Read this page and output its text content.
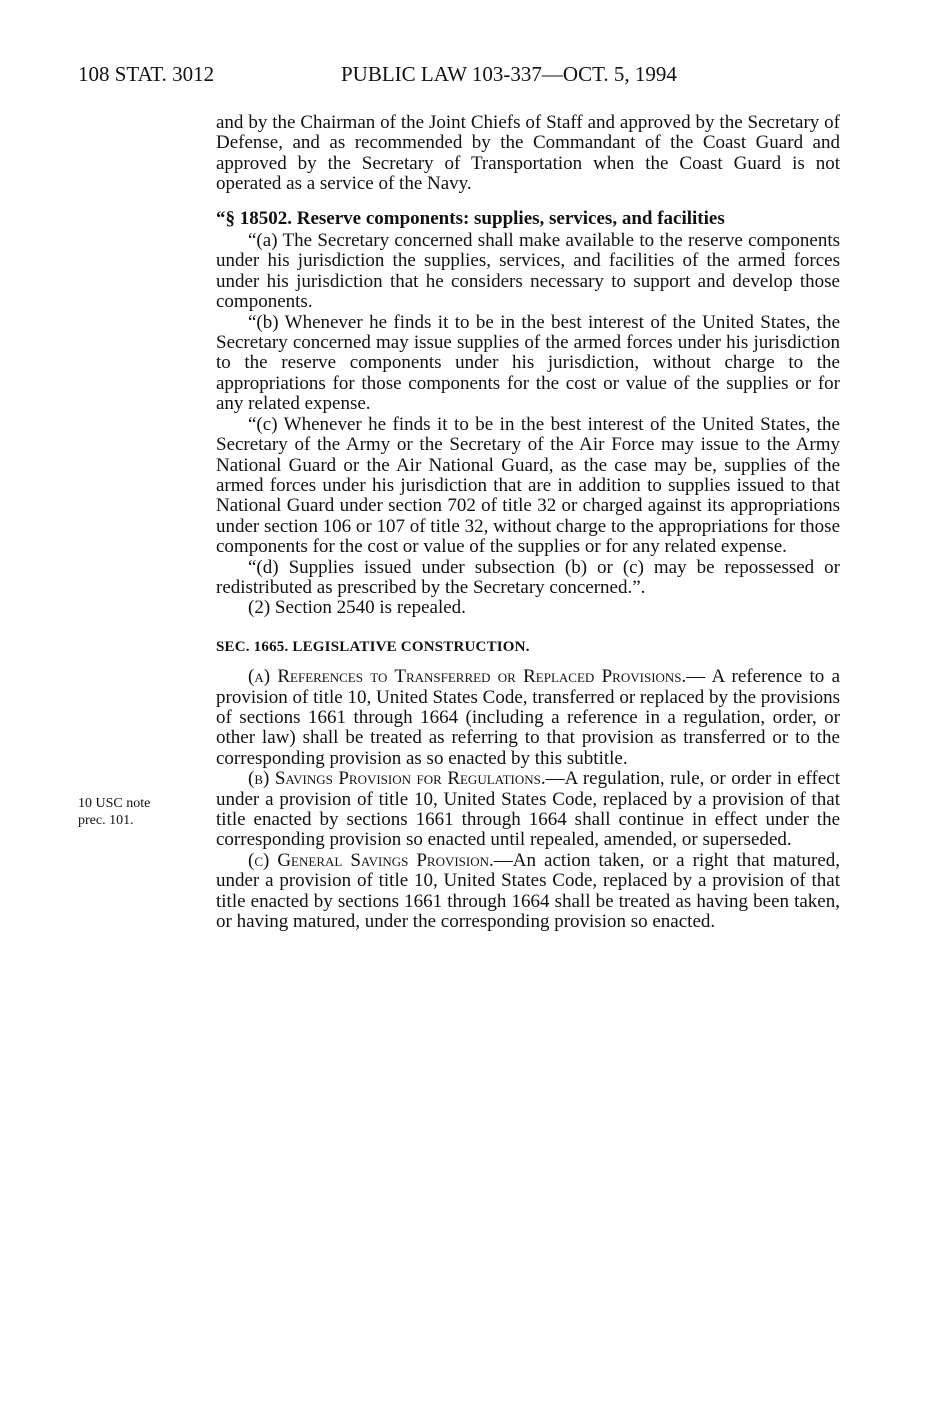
108 STAT. 3012	PUBLIC LAW 103-337—OCT. 5, 1994
10 USC note
prec. 101.

and by the Chairman of the Joint Chiefs of Staff and approved by the Secretary of Defense, and as recommended by the Commandant of the Coast Guard and approved by the Secretary of Transportation when the Coast Guard is not operated as a service of the Navy.

“§ 18502. Reserve components: supplies, services, and facilities

“(a) The Secretary concerned shall make available to the reserve components under his jurisdiction the supplies, services, and facilities of the armed forces under his jurisdiction that he considers necessary to support and develop those components.

“(b) Whenever he finds it to be in the best interest of the United States, the Secretary concerned may issue supplies of the armed forces under his jurisdiction to the reserve components under his jurisdiction, without charge to the appropriations for those components for the cost or value of the supplies or for any related expense.

“(c) Whenever he finds it to be in the best interest of the United States, the Secretary of the Army or the Secretary of the Air Force may issue to the Army National Guard or the Air National Guard, as the case may be, supplies of the armed forces under his jurisdiction that are in addition to supplies issued to that National Guard under section 702 of title 32 or charged against its appropriations under section 106 or 107 of title 32, without charge to the appropriations for those components for the cost or value of the supplies or for any related expense.

“(d) Supplies issued under subsection (b) or (c) may be repossessed or redistributed as prescribed by the Secretary concerned.”.

(2) Section 2540 is repealed.

SEC. 1665. LEGISLATIVE CONSTRUCTION.

(a) References to Transferred or Replaced Provisions.— A reference to a provision of title 10, United States Code, transferred or replaced by the provisions of sections 1661 through 1664 (including a reference in a regulation, order, or other law) shall be treated as referring to that provision as transferred or to the corresponding provision as so enacted by this subtitle.

(b) Savings Provision for Regulations.—A regulation, rule, or order in effect under a provision of title 10, United States Code, replaced by a provision of that title enacted by sections 1661 through 1664 shall continue in effect under the corresponding provision so enacted until repealed, amended, or superseded.

(c) General Savings Provision.—An action taken, or a right that matured, under a provision of title 10, United States Code, replaced by a provision of that title enacted by sections 1661 through 1664 shall be treated as having been taken, or having matured, under the corresponding provision so enacted.
